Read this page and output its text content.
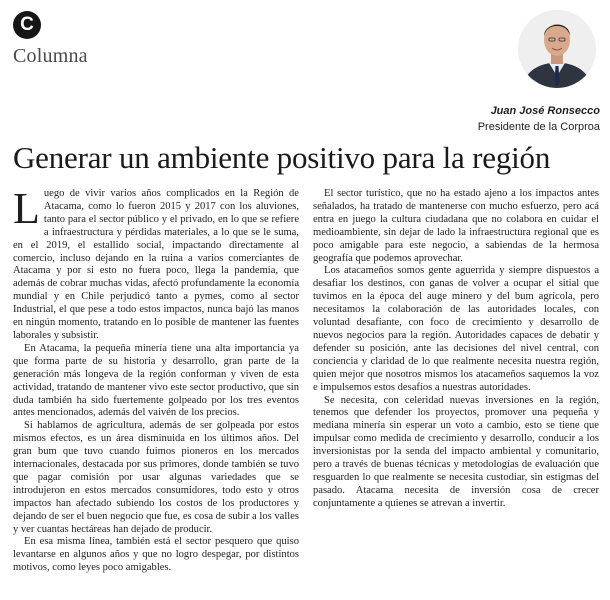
C
Columna
Juan José Ronsecco
Presidente de la Corproa
Generar un ambiente positivo para la región

Luego de vivir varios años complicados en la Región de Atacama, como lo fueron 2015 y 2017 con los aluviones, tanto para el sector público y el privado, en lo que se refiere a infraestructura y pérdidas materiales, a lo que se le suma, en el 2019, el estallido social, impactando directamente al comercio, incluso dejando en la ruina a varios comerciantes de Atacama y por si esto no fuera poco, llega la pandemia, que además de cobrar muchas vidas, afectó profundamente la economía mundial y en Chile perjudicó tanto a pymes, como al sector Industrial, el que pese a todo estos impactos, nunca bajó las manos en ningún momento, tratando en lo posible de mantener las fuentes laborales y subsistir.

En Atacama, la pequeña minería tiene una alta importancia ya que forma parte de su historia y desarrollo, gran parte de la generación más longeva de la región conforman y viven de esta actividad, tratando de mantener vivo este sector productivo, que sin duda también ha sido fuertemente golpeado por los tres eventos antes mencionados, además del vaivén de los precios.

Si hablamos de agricultura, además de ser golpeada por estos mismos efectos, es un área disminuida en los últimos años. Del gran bum que tuvo cuando fuimos pioneros en los mercados internacionales, destacada por sus primores, donde también se tuvo que pagar comisión por usar algunas variedades que se introdujeron en estos mercados consumidores, todo esto y otros impactos han afectado subiendo los costos de los productores y dejando de ser el buen negocio que fue, es cosa de subir a los valles y ver cuantas hectáreas han dejado de producir.

En esa misma línea, también está el sector pesquero que quiso levantarse en algunos años y que no logro despegar, por distintos motivos, como leyes poco amigables.

El sector turístico, que no ha estado ajeno a los impactos antes señalados, ha tratado de mantenerse con mucho esfuerzo, pero acá entra en juego la cultura ciudadana que no colabora en cuidar el medioambiente, sin dejar de lado la infraestructura regional que es poco amigable para este negocio, a sabiendas de la hermosa geografía que podemos aprovechar.

Los atacameños somos gente aguerrida y siempre dispuestos a desafiar los destinos, con ganas de volver a ocupar el sitial que tuvimos en la época del auge minero y del bum agrícola, pero necesitamos la colaboración de las autoridades locales, con voluntad desafiante, con foco de crecimiento y desarrollo de nuevos negocios para la región. Autoridades capaces de debatir y defender su posición, ante las decisiones del nivel central, con conciencia y claridad de lo que realmente necesita nuestra región, quien mejor que nosotros mismos los atacameños saquemos la voz e impulsemos estos desafíos a nuestras autoridades.

Se necesita, con celeridad nuevas inversiones en la región, tenemos que defender los proyectos, promover una pequeña y mediana minería sin esperar un voto a cambio, esto se tiene que impulsar como medida de crecimiento y desarrollo, conducir a los inversionistas por la senda del impacto ambiental y comunitario, pero a través de buenas técnicas y metodologías de evaluación que resguarden lo que realmente se necesita custodiar, sin estigmas del pasado. Atacama necesita de inversión cosa de crecer conjuntamente a quienes se atrevan a invertir.
